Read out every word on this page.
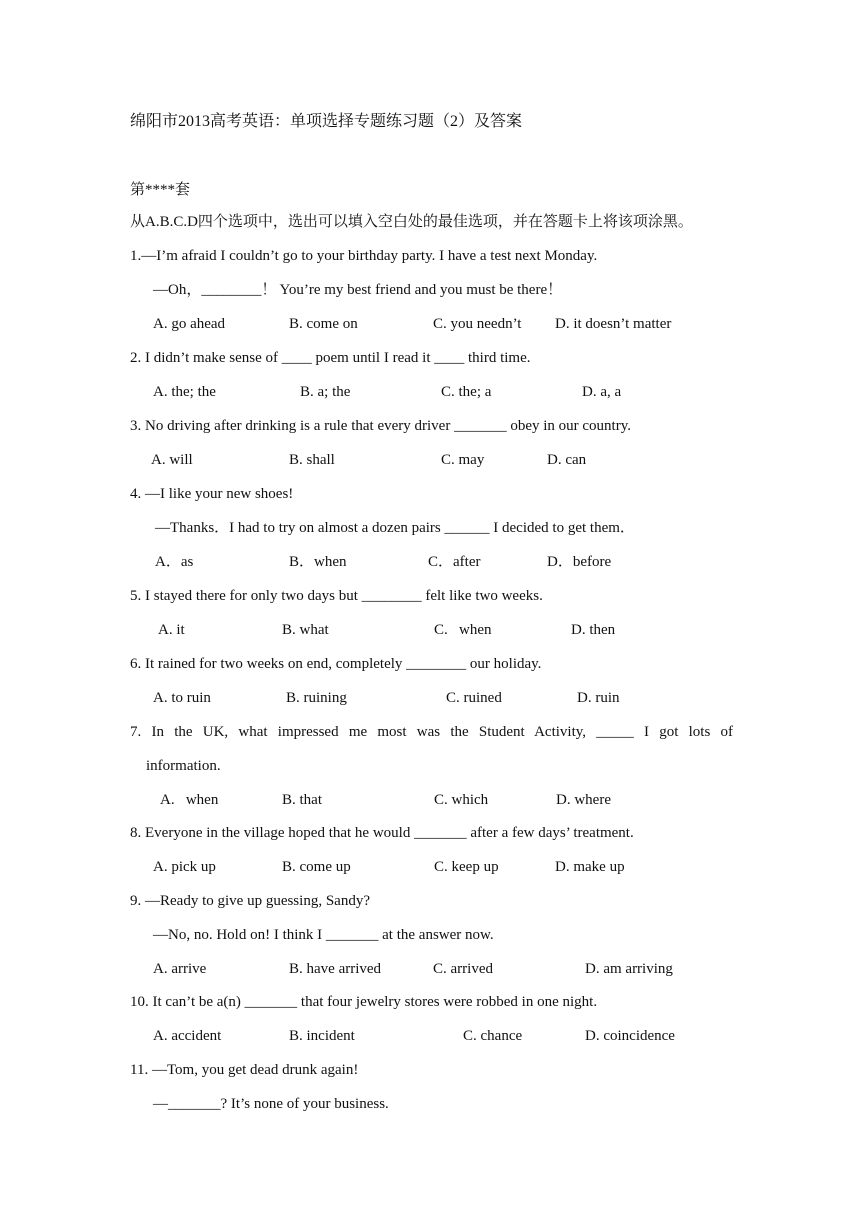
绵阳市2013高考英语：单项选择专题练习题（2）及答案
第****套
从A.B.C.D四个选项中，选出可以填入空白处的最佳选项，并在答题卡上将该项涂黑。
1.—I’m afraid I couldn’t go to your birthday party. I have a test next Monday.
—Oh，________！ You’re my best friend and you must be there！
A. go ahead	B. come on	C. you needn’t D. it doesn’t matter
2. I didn’t make sense of ____ poem until I read it ____ third time.
A. the; the	B. a; the	C. the; a	D. a, a
3. No driving after drinking is a rule that every driver _______ obey in our country.
A. will	B. shall	C. may	D. can
4. —I like your new shoes!
—Thanks．I had to try on almost a dozen pairs ______ I decided to get them．
A．as	B．when	C．after	D．before
5. I stayed there for only two days but ________ felt like two weeks.
A. it	B. what	C.   when	D. then
6. It rained for two weeks on end, completely ________ our holiday.
A. to ruin	B. ruining	C. ruined	D. ruin
7. In the UK, what impressed me most was the Student Activity, _____ I got lots of
information.
A.   when	B. that	C. which	D. where
8. Everyone in the village hoped that he would _______ after a few days’ treatment.
A. pick up	B. come up	C. keep up	D. make up
9. —Ready to give up guessing, Sandy?
—No, no. Hold on! I think I _______ at the answer now.
A. arrive	B. have arrived	C. arrived	D. am arriving
10. It can’t be a(n) _______ that four jewelry stores were robbed in one night.
A. accident	B. incident	C. chance	D. coincidence
11. —Tom, you get dead drunk again!
—_______? It’s none of your business.
